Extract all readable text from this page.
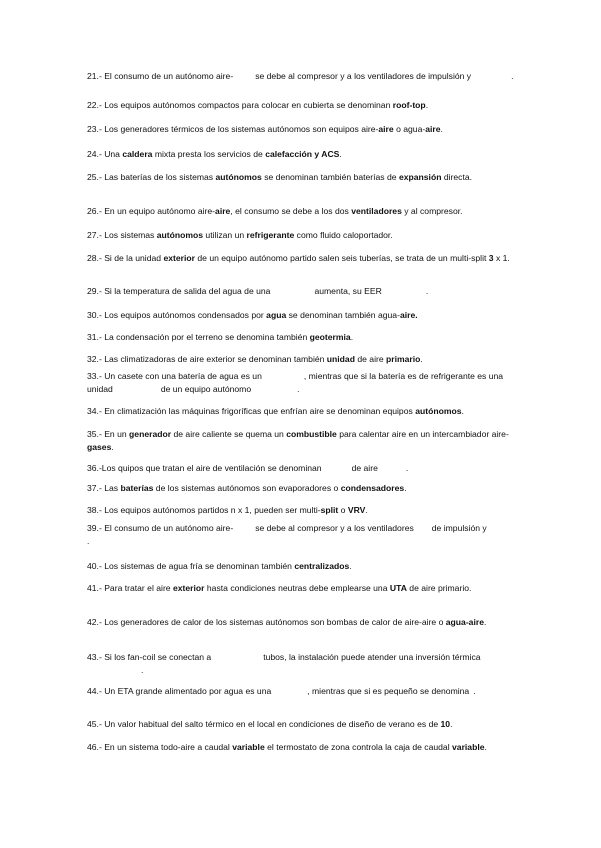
21.- El consumo de un autónomo aire-	se debe al compresor y a los ventiladores de impulsión y	.

22.- Los equipos autónomos compactos para colocar en cubierta se denominan roof-top.

23.- Los generadores térmicos de los sistemas autónomos son equipos aire-aire o agua-aire.

24.- Una caldera mixta presta los servicios de calefacción y ACS.

25.- Las baterías de los sistemas autónomos se denominan también baterías de expansión directa.

26.- En un equipo autónomo aire-aire, el consumo se debe a los dos ventiladores y al compresor.

27.- Los sistemas autónomos utilizan un refrigerante como fluido caloportador.

28.- Si de la unidad exterior de un equipo autónomo partido salen seis tuberías, se trata de un multi-split 3 x 1.

29.- Si la temperatura de salida del agua de una	aumenta, su EER	.

30.- Los equipos autónomos condensados por agua se denominan también agua-aire.

31.- La condensación por el terreno se denomina también geotermia.

32.- Las climatizadoras de aire exterior se denominan también unidad de aire primario.

33.- Un casete con una batería de agua es un	, mientras que si la batería es de refrigerante es una unidad	de un equipo autónomo	.

34.- En climatización las máquinas frigoríficas que enfrían aire se denominan equipos autónomos.

35.- En un generador de aire caliente se quema un combustible para calentar aire en un intercambiador aire- gases.

36.-Los quipos que tratan el aire de ventilación se denominan	de aire	.

37.- Las baterías de los sistemas autónomos son evaporadores o condensadores.

38.- Los equipos autónomos partidos n x 1, pueden ser multi-split o VRV.

39.- El consumo de un autónomo aire-	se debe al compresor y a los ventiladores de impulsión y.

40.- Los sistemas de agua fría se denominan también centralizados.

41.- Para tratar el aire exterior hasta condiciones neutras debe emplearse una UTA de aire primario.

42.- Los generadores de calor de los sistemas autónomos son bombas de calor de aire-aire o agua-aire.

43.- Si los fan-coil se conectan a	tubos, la instalación puede atender una inversión térmica.

44.- Un ETA grande alimentado por agua es una	, mientras que si es pequeño se denomina .

45.- Un valor habitual del salto térmico en el local en condiciones de diseño de verano es de 10.

46.- En un sistema todo-aire a caudal variable el termostato de zona controla la caja de caudal variable.
